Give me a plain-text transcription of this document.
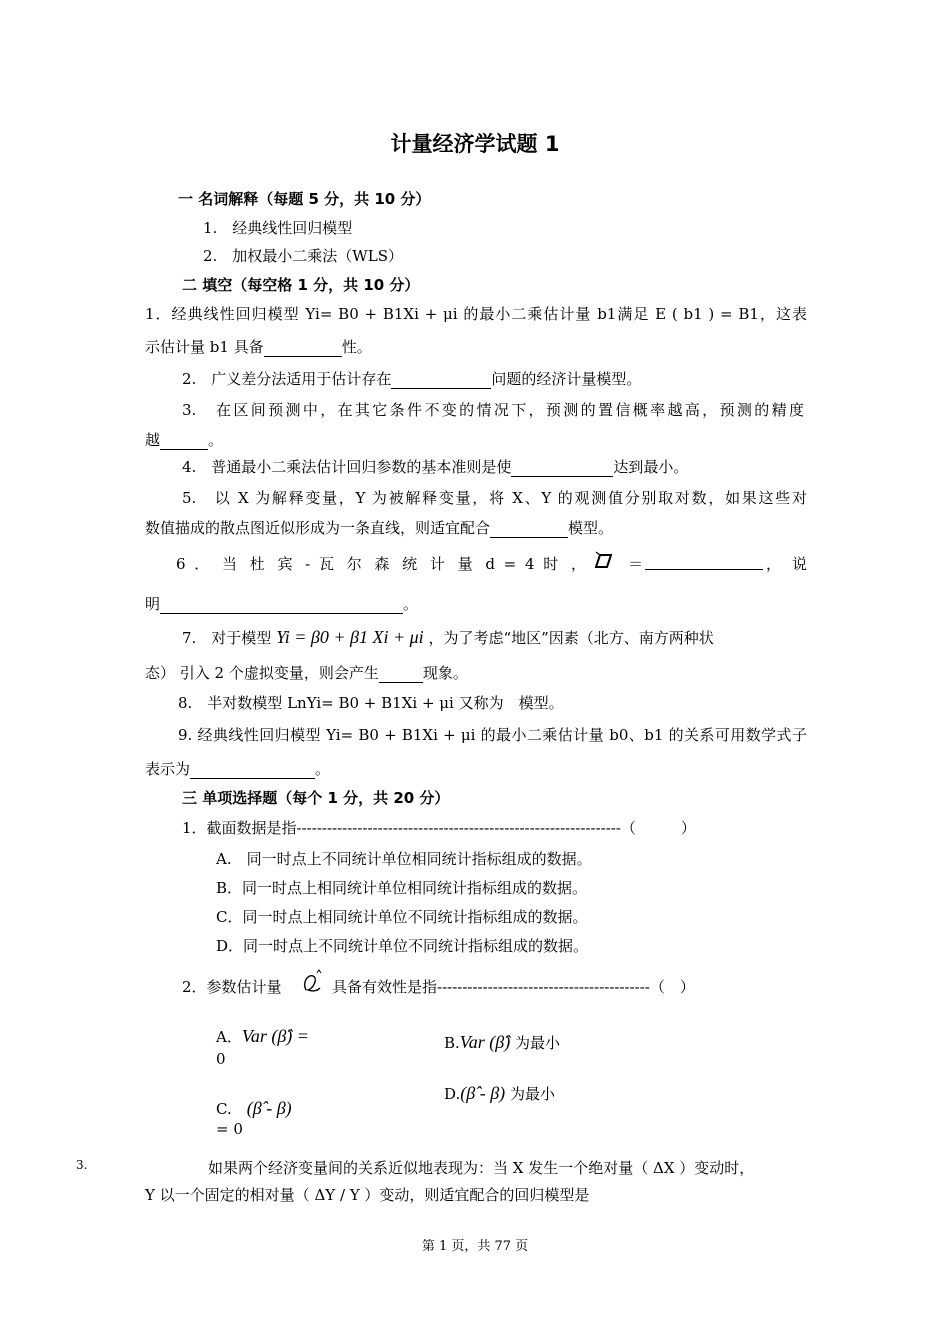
计量经济学试题 1
一 名词解释（每题 5 分，共 10 分）
1.　经典线性回归模型
2.　加权最小二乘法（WLS）
二 填空（每空格 1 分，共 10 分）
1．经典线性回归模型 Yi= B0 + B1Xi + μi 的最小二乘估计量 b1满足 E ( b1 ) = B1，这表
示估计量 b1 具备	性。
2.　广义差分法适用于估计存在	问题的经济计量模型。
3.　在区间预测中，在其它条件不变的情况下，预测的置信概率越高，预测的精度
越	。
4.　普通最小二乘法估计回归参数的基本准则是使	达到最小。
5.　以 X 为解释变量，Y 为被解释变量，将 X、Y 的观测值分别取对数，如果这些对
数值描成的散点图近似形成为一条直线，则适宜配合	模型。
6 ． 当 杜 宾 - 瓦 尔 森 统 计 量 d = 4 时 ，	＝	， 说
明	。
7.　对于模型 Yi = β0 + β1 Xi + μi ，为了考虑“地区”因素（北方、南方两种状
态） 引入 2 个虚拟变量，则会产生	现象。
8.　半对数模型 LnYi= B0 + B1Xi + μi 又称为　模型。
9. 经典线性回归模型 Yi= B0 + B1Xi + μi 的最小二乘估计量 b0、b1 的关系可用数学式子
表示为	。
三 单项选择题（每个 1 分，共 20 分）
1．截面数据是指----------------------------------------------------------------（　　　）
A.　同一时点上不同统计单位相同统计指标组成的数据。
B．同一时点上相同统计单位相同统计指标组成的数据。
C．同一时点上相同统计单位不同统计指标组成的数据。
D．同一时点上不同统计单位不同统计指标组成的数据。
2．参数估计量	具备有效性是指------------------------------------------（　）
A．Var (β̂) =
0
B.Var (β̂) 为最小
D.(β̂ - β) 为最小
C.　 (β̂ - β)
= 0
3.	如果两个经济变量间的关系近似地表现为：当 X 发生一个绝对量（ ΔX ）变动时，
Y 以一个固定的相对量（ ΔY / Y ）变动，则适宜配合的回归模型是
第 1 页，共 77 页
